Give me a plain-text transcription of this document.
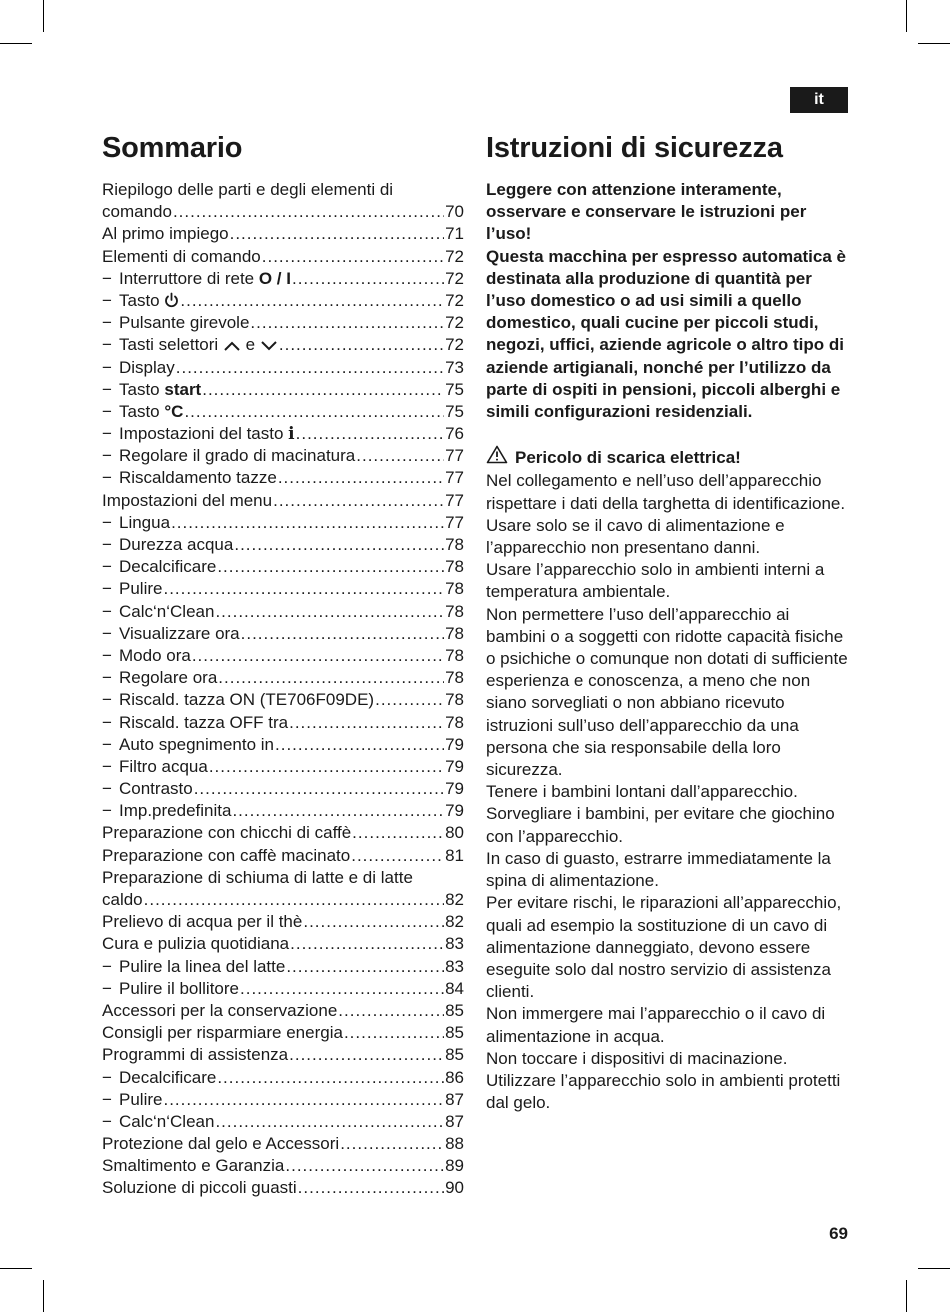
it
Sommario	Istruzioni di sicurezza
Riepilogo delle parti e degli elementi di
comando .....	70
Al primo impiego .....	71
Elementi di comando .....	72
− Interruttore di rete O / I .....	72
− Tasto .....	72
− Pulsante girevole .....	72
− Tasti selettori e .....	72
− Display .....	73
− Tasto start .....	75
− Tasto °C .....	75
− Impostazioni del tasto i .....	76
− Regolare il grado di macinatura .....	77
− Riscaldamento tazze .....	77
Impostazioni del menu .....	77
− Lingua .....	77
− Durezza acqua .....	78
− Decalcificare .....	78
− Pulire .....	78
− Calc‘n‘Clean .....	78
− Visualizzare ora .....	78
− Modo ora .....	78
− Regolare ora .....	78
− Riscald. tazza ON (TE706F09DE) .....	78
− Riscald. tazza OFF tra .....	78
− Auto spegnimento in .....	79
− Filtro acqua .....	79
− Contrasto .....	79
− Imp.predefinita .....	79
Preparazione con chicchi di caffè .....	80
Preparazione con caffè macinato .....	81
Preparazione di schiuma di latte e di latte
caldo .....	82
Prelievo di acqua per il thè .....	82
Cura e pulizia quotidiana .....	83
− Pulire la linea del latte .....	83
− Pulire il bollitore .....	84
Accessori per la conservazione .....	85
Consigli per risparmiare energia .....	85
Programmi di assistenza .....	85
− Decalcificare .....	86
− Pulire .....	87
− Calc‘n‘Clean .....	87
Protezione dal gelo e Accessori .....	88
Smaltimento e Garanzia .....	89
Soluzione di piccoli guasti .....	90

Leggere con attenzione interamente, osservare e conservare le istruzioni per l’uso!

Questa macchina per espresso automatica è destinata alla produzione di quantità per l’uso domestico o ad usi simili a quello domestico, quali cucine per piccoli studi, negozi, uffici, aziende agricole o altro tipo di aziende artigianali, nonché per l’utilizzo da parte di ospiti in pensioni, piccoli alberghi e simili configurazioni residenziali.

Pericolo di scarica elettrica!

Nel collegamento e nell’uso dell’apparecchio rispettare i dati della targhetta di identificazione.

Usare solo se il cavo di alimentazione e l’apparecchio non presentano danni.

Usare l’apparecchio solo in ambienti interni a temperatura ambientale.

Non permettere l’uso dell’apparecchio ai bambini o a soggetti con ridotte capacità fisiche o psichiche o comunque non dotati di sufficiente esperienza e conoscenza, a meno che non siano sorvegliati o non abbiano ricevuto istruzioni sull’uso dell’apparecchio da una persona che sia responsabile della loro sicurezza.

Tenere i bambini lontani dall’apparecchio.

Sorvegliare i bambini, per evitare che giochino con l’apparecchio.

In caso di guasto, estrarre immediatamente la spina di alimentazione.

Per evitare rischi, le riparazioni all’apparecchio, quali ad esempio la sostituzione di un cavo di alimentazione danneggiato, devono essere eseguite solo dal nostro servizio di assistenza clienti.

Non immergere mai l’apparecchio o il cavo di alimentazione in acqua.

Non toccare i dispositivi di macinazione.

Utilizzare l’apparecchio solo in ambienti protetti dal gelo.

69
